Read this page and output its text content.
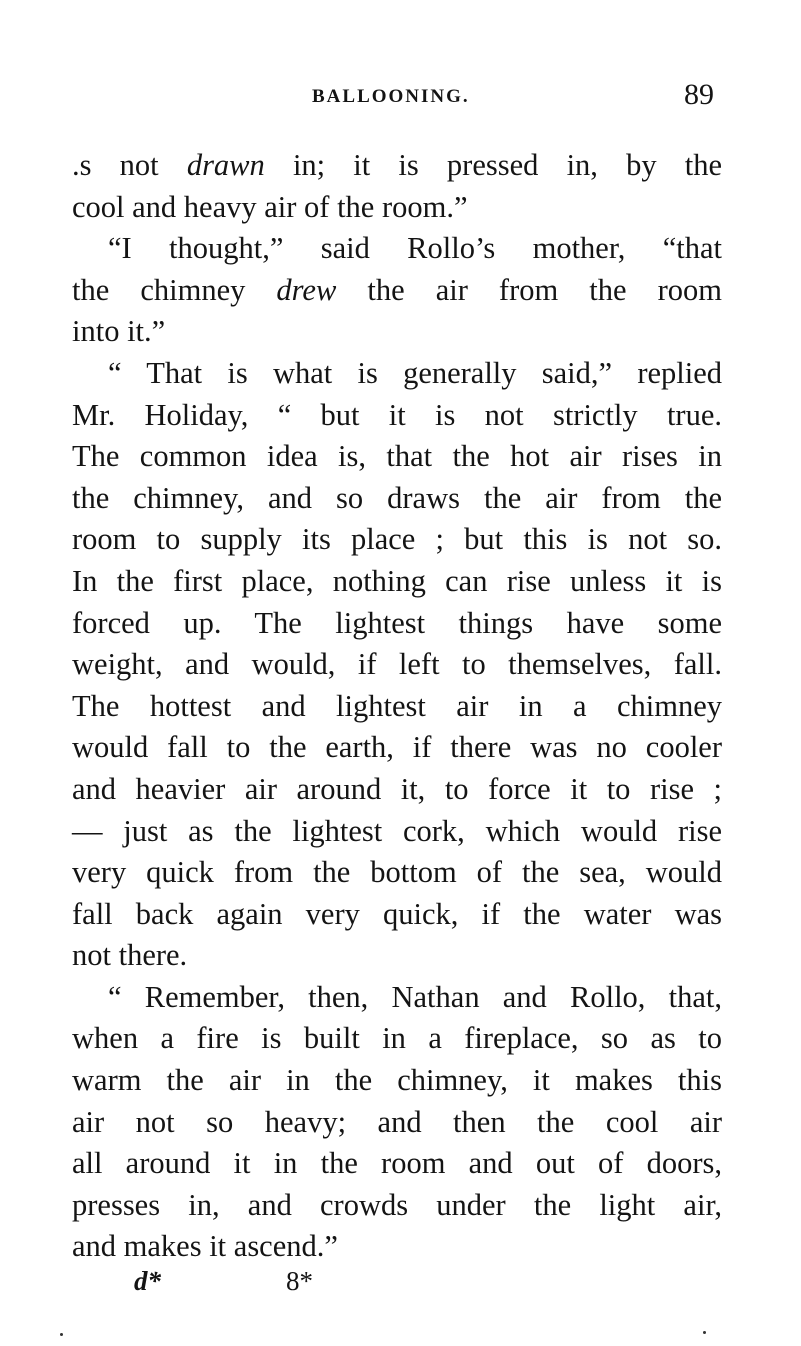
BALLOONING.	89
.s not drawn in; it is pressed in, by the
cool and heavy air of the room.”
“I thought,” said Rollo’s mother, “that
the chimney drew the air from the room
into it.”
“ That is what is generally said,” replied
Mr. Holiday, “ but it is not strictly true.
The common idea is, that the hot air rises in
the chimney, and so draws the air from the
room to supply its place ; but this is not so.
In the first place, nothing can rise unless it is
forced up. The lightest things have some
weight, and would, if left to themselves, fall.
The hottest and lightest air in a chimney
would fall to the earth, if there was no cooler
and heavier air around it, to force it to rise ;
— just as the lightest cork, which would rise
very quick from the bottom of the sea, would
fall back again very quick, if the water was
not there.
“ Remember, then, Nathan and Rollo, that,
when a fire is built in a fireplace, so as to
warm the air in the chimney, it makes this
air not so heavy; and then the cool air
all around it in the room and out of doors,
presses in, and crowds under the light air,
and makes it ascend.”
d*	8*
